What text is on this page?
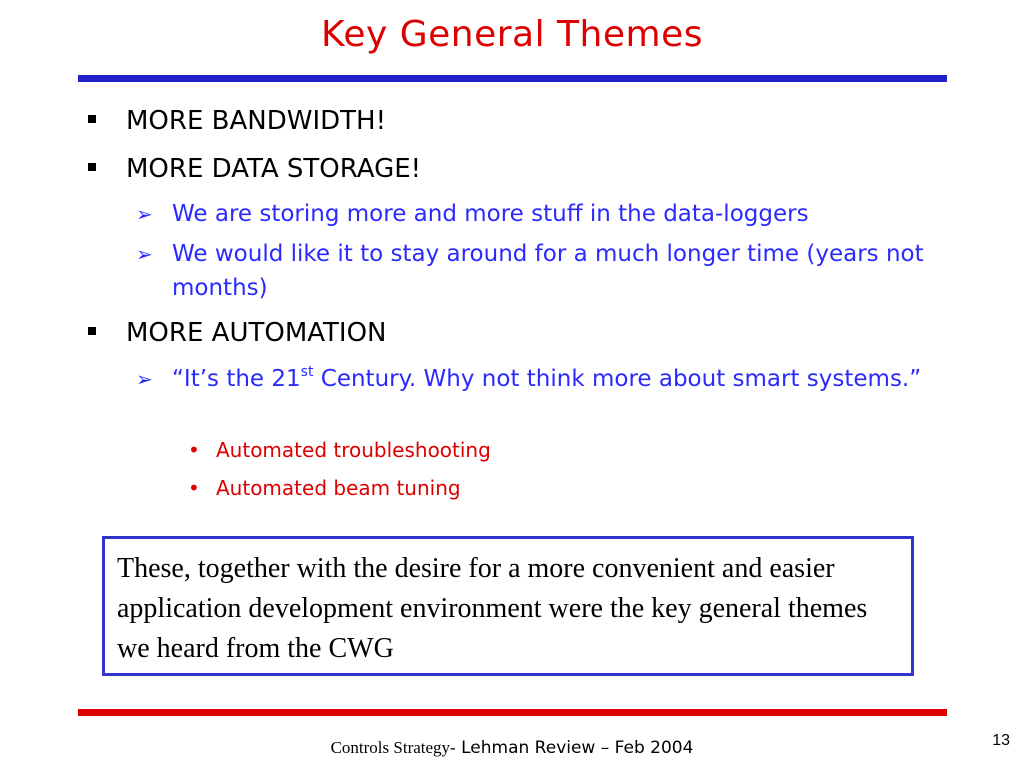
Key General Themes
MORE BANDWIDTH!
MORE DATA STORAGE!
➢ We are storing more and more stuff in the data-loggers
➢ We would like it to stay around for a much longer time (years not months)
MORE AUTOMATION
➢ “It’s the 21st Century. Why not think more about smart systems.”
• Automated troubleshooting
• Automated beam tuning
These, together with the desire for a more convenient and easier application development environment were the key general themes we heard from the CWG
Controls Strategy- Lehman Review – Feb 2004	13
